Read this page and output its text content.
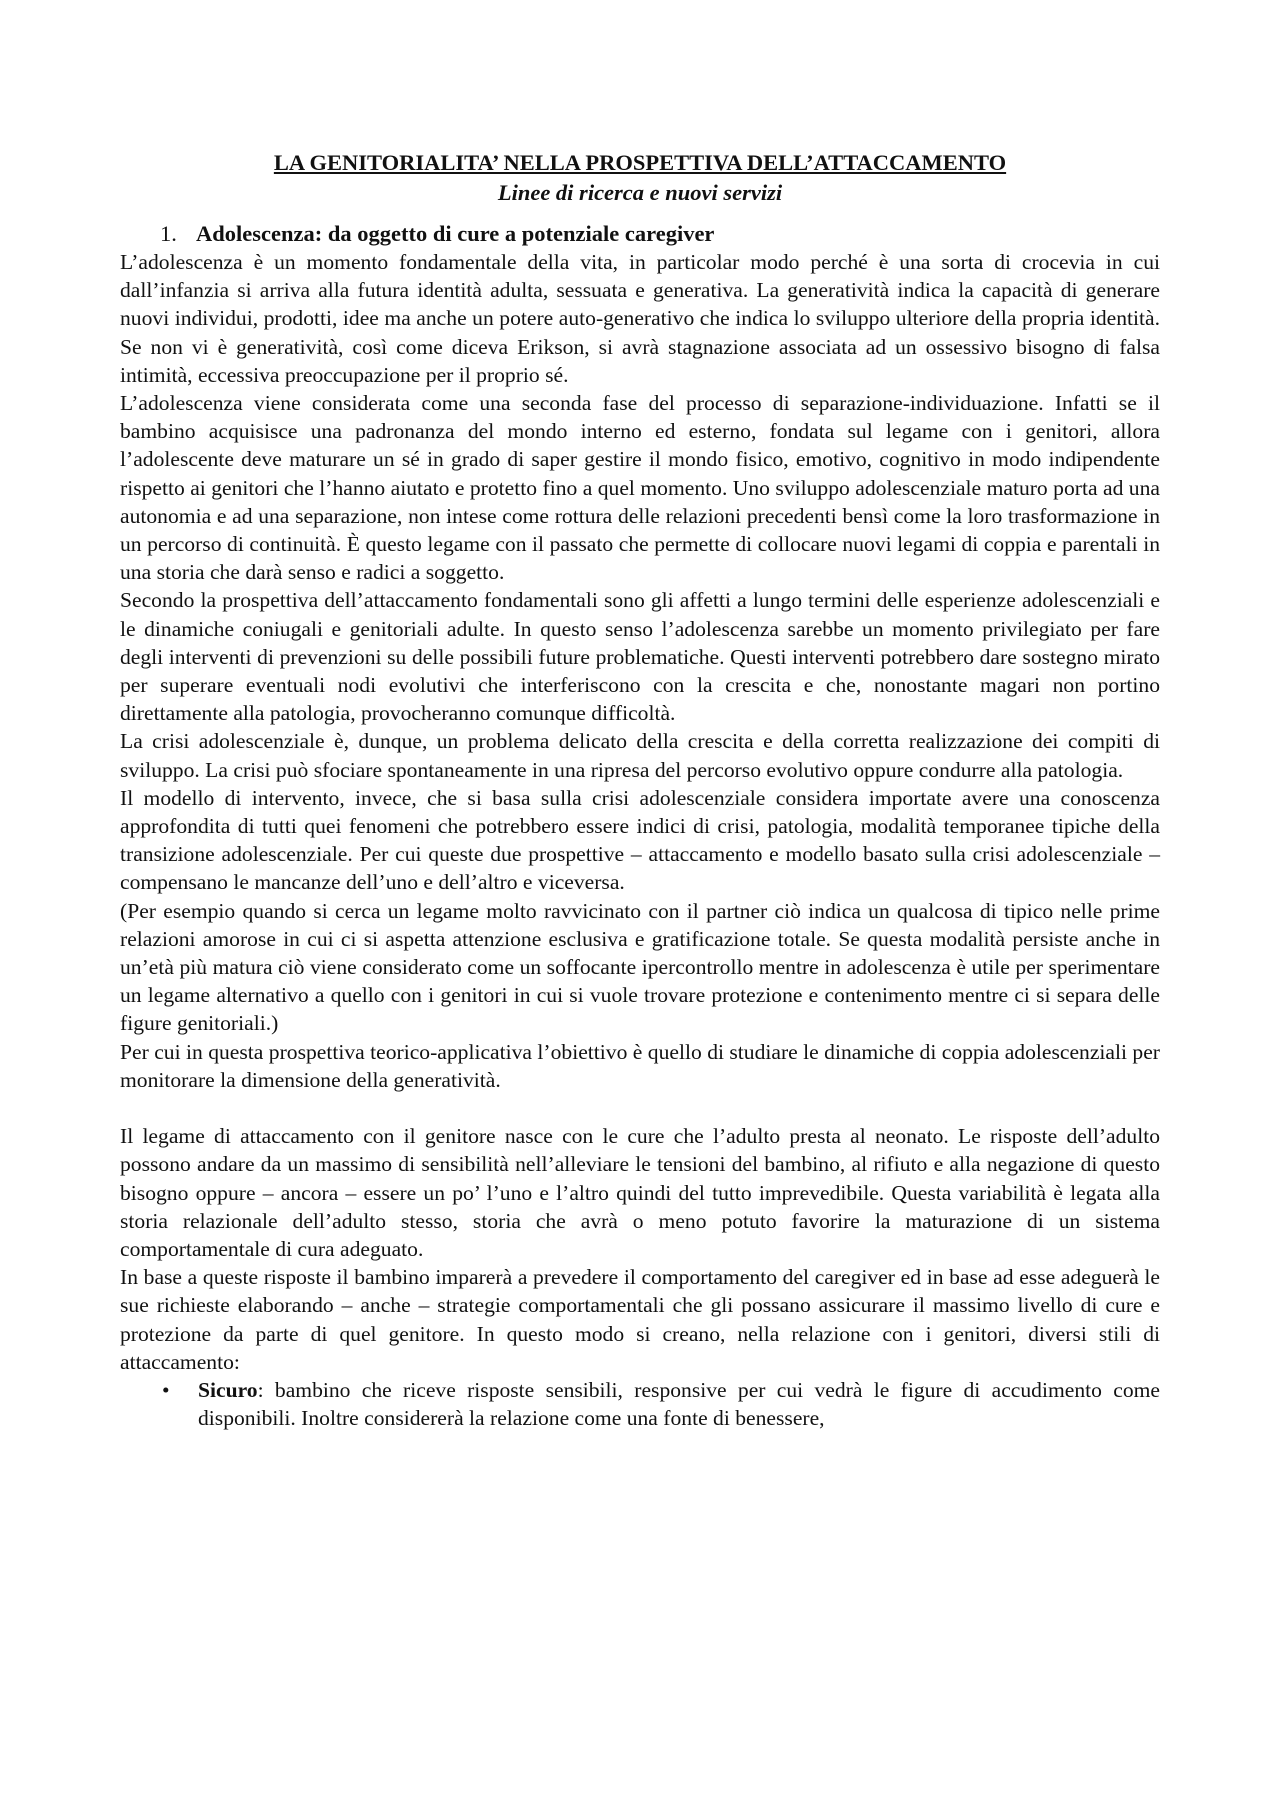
LA GENITORIALITA’ NELLA PROSPETTIVA DELL’ATTACCAMENTO
Linee di ricerca e nuovi servizi
1. Adolescenza: da oggetto di cure a potenziale caregiver

L’adolescenza è un momento fondamentale della vita, in particolar modo perché è una sorta di crocevia in cui dall’infanzia si arriva alla futura identità adulta, sessuata e generativa. La generatività indica la capacità di generare nuovi individui, prodotti, idee ma anche un potere auto-generativo che indica lo sviluppo ulteriore della propria identità. Se non vi è generatività, così come diceva Erikson, si avrà stagnazione associata ad un ossessivo bisogno di falsa intimità, eccessiva preoccupazione per il proprio sé.

L’adolescenza viene considerata come una seconda fase del processo di separazione-individuazione. Infatti se il bambino acquisisce una padronanza del mondo interno ed esterno, fondata sul legame con i genitori, allora l’adolescente deve maturare un sé in grado di saper gestire il mondo fisico, emotivo, cognitivo in modo indipendente rispetto ai genitori che l’hanno aiutato e protetto fino a quel momento. Uno sviluppo adolescenziale maturo porta ad una autonomia e ad una separazione, non intese come rottura delle relazioni precedenti bensì come la loro trasformazione in un percorso di continuità. È questo legame con il passato che permette di collocare nuovi legami di coppia e parentali in una storia che darà senso e radici a soggetto.

Secondo la prospettiva dell’attaccamento fondamentali sono gli affetti a lungo termini delle esperienze adolescenziali e le dinamiche coniugali e genitoriali adulte. In questo senso l’adolescenza sarebbe un momento privilegiato per fare degli interventi di prevenzioni su delle possibili future problematiche. Questi interventi potrebbero dare sostegno mirato per superare eventuali nodi evolutivi che interferiscono con la crescita e che, nonostante magari non portino direttamente alla patologia, provocheranno comunque difficoltà.

La crisi adolescenziale è, dunque, un problema delicato della crescita e della corretta realizzazione dei compiti di sviluppo. La crisi può sfociare spontaneamente in una ripresa del percorso evolutivo oppure condurre alla patologia.

Il modello di intervento, invece, che si basa sulla crisi adolescenziale considera importate avere una conoscenza approfondita di tutti quei fenomeni che potrebbero essere indici di crisi, patologia, modalità temporanee tipiche della transizione adolescenziale. Per cui queste due prospettive – attaccamento e modello basato sulla crisi adolescenziale – compensano le mancanze dell’uno e dell’altro e viceversa.

(Per esempio quando si cerca un legame molto ravvicinato con il partner ciò indica un qualcosa di tipico nelle prime relazioni amorose in cui ci si aspetta attenzione esclusiva e gratificazione totale. Se questa modalità persiste anche in un’età più matura ciò viene considerato come un soffocante ipercontrollo mentre in adolescenza è utile per sperimentare un legame alternativo a quello con i genitori in cui si vuole trovare protezione e contenimento mentre ci si separa delle figure genitoriali.)

Per cui in questa prospettiva teorico-applicativa l’obiettivo è quello di studiare le dinamiche di coppia adolescenziali per monitorare la dimensione della generatività.

Il legame di attaccamento con il genitore nasce con le cure che l’adulto presta al neonato. Le risposte dell’adulto possono andare da un massimo di sensibilità nell’alleviare le tensioni del bambino, al rifiuto e alla negazione di questo bisogno oppure – ancora – essere un po’ l’uno e l’altro quindi del tutto imprevedibile. Questa variabilità è legata alla storia relazionale dell’adulto stesso, storia che avrà o meno potuto favorire la maturazione di un sistema comportamentale di cura adeguato.

In base a queste risposte il bambino imparerà a prevedere il comportamento del caregiver ed in base ad esse adeguerà le sue richieste elaborando – anche – strategie comportamentali che gli possano assicurare il massimo livello di cure e protezione da parte di quel genitore. In questo modo si creano, nella relazione con i genitori, diversi stili di attaccamento:

• Sicuro: bambino che riceve risposte sensibili, responsive per cui vedrà le figure di accudimento come disponibili. Inoltre considererà la relazione come una fonte di benessere,
